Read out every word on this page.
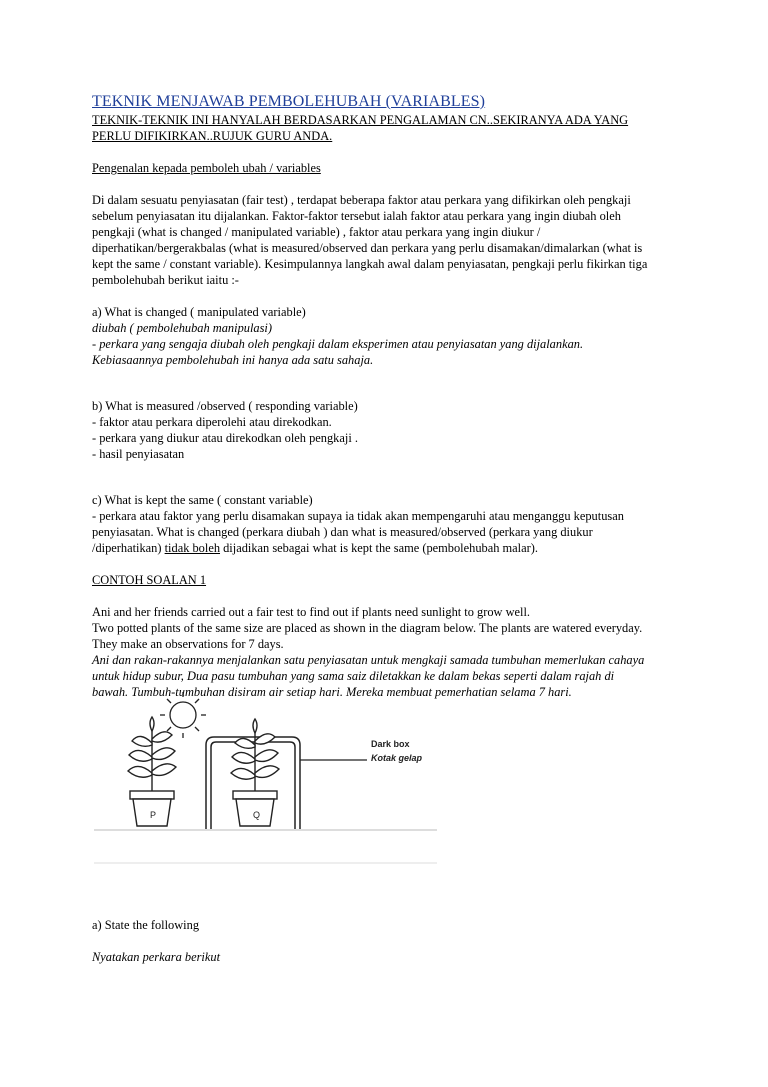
TEKNIK MENJAWAB PEMBOLEHUBAH (VARIABLES)

TEKNIK-TEKNIK INI HANYALAH BERDASARKAN PENGALAMAN CN..SEKIRANYA ADA YANG

PERLU DIFIKIRKAN..RUJUK GURU ANDA.

Pengenalan kepada pemboleh ubah / variables

Di dalam sesuatu penyiasatan (fair test) , terdapat beberapa faktor atau perkara yang difikirkan oleh pengkaji

sebelum penyiasatan itu dijalankan. Faktor-faktor tersebut ialah faktor atau perkara yang ingin diubah oleh

pengkaji (what is changed / manipulated variable) , faktor atau perkara yang ingin diukur /

diperhatikan/bergerakbalas (what is measured/observed dan perkara yang perlu disamakan/dimalarkan (what is

kept the same / constant variable). Kesimpulannya langkah awal dalam penyiasatan, pengkaji perlu fikirkan tiga

pembolehubah berikut iaitu :-

a) What is changed ( manipulated variable)

diubah ( pembolehubah manipulasi)

- perkara yang sengaja diubah oleh pengkaji dalam eksperimen atau penyiasatan yang dijalankan.

Kebiasaannya pembolehubah ini hanya ada satu sahaja.

b) What is measured /observed ( responding variable)

- faktor atau perkara diperolehi atau direkodkan.

- perkara yang diukur atau direkodkan oleh pengkaji .

- hasil penyiasatan

c) What is kept the same ( constant variable)

- perkara atau faktor yang perlu disamakan supaya ia tidak akan mempengaruhi atau menganggu keputusan

penyiasatan. What is changed (perkara diubah ) dan what is measured/observed (perkara yang diukur

/diperhatikan) tidak boleh dijadikan sebagai what is kept the same (pembolehubah malar).

CONTOH SOALAN 1

Ani and her friends carried out a fair test to find out if plants need sunlight to grow well.

Two potted plants of the same size are placed as shown in the diagram below. The plants are watered everyday.

They make an observations for 7 days.

Ani dan rakan-rakannya menjalankan satu penyiasatan untuk mengkaji samada tumbuhan memerlukan cahaya

untuk hidup subur, Dua pasu tumbuhan yang sama saiz diletakkan ke dalam bekas seperti dalam rajah di

bawah. Tumbuh-tumbuhan disiram air setiap hari. Mereka membuat pemerhatian selama 7 hari.

P	Q
Dark box
Kotak gelap

a) State the following

Nyatakan perkara berikut
